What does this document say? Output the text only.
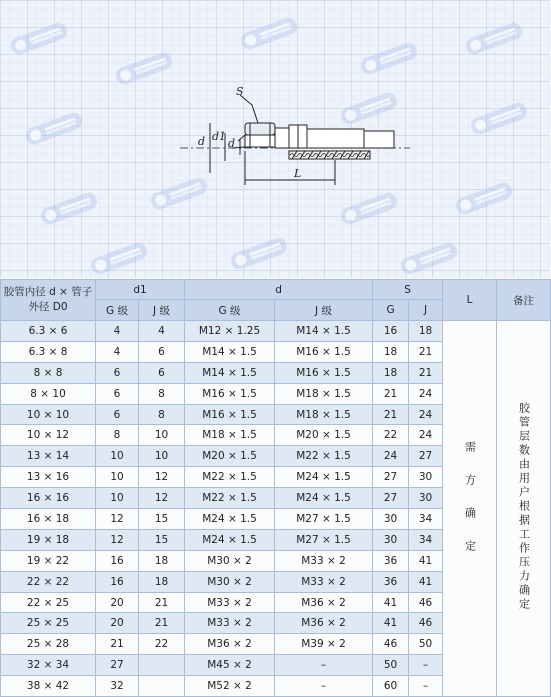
S
d d1
d
L
胶管内径 d × 管子外径 D0	d1		d		S		L	备注
	G 级	J 级	G 级	J 级	G	J		
6.3 × 6	4	4	M12 × 1.25	M14 × 1.5	16	18	需方确定	胶管层数由用户根据工作压力确定
6.3 × 8	4	6	M14 × 1.5	M16 × 1.5	18	21		
8 × 8	6	6	M14 × 1.5	M16 × 1.5	18	21		
8 × 10	6	8	M16 × 1.5	M18 × 1.5	21	24		
10 × 10	6	8	M16 × 1.5	M18 × 1.5	21	24		
10 × 12	8	10	M18 × 1.5	M20 × 1.5	22	24		
13 × 14	10	10	M20 × 1.5	M22 × 1.5	24	27		
13 × 16	10	12	M22 × 1.5	M24 × 1.5	27	30		
16 × 16	10	12	M22 × 1.5	M24 × 1.5	27	30		
16 × 18	12	15	M24 × 1.5	M27 × 1.5	30	34		
19 × 18	12	15	M24 × 1.5	M27 × 1.5	30	34		
19 × 22	16	18	M30 × 2	M33 × 2	36	41		
22 × 22	16	18	M30 × 2	M33 × 2	36	41		
22 × 25	20	21	M33 × 2	M36 × 2	41	46		
25 × 25	20	21	M33 × 2	M36 × 2	41	46		
25 × 28	21	22	M36 × 2	M39 × 2	46	50		
32 × 34	27		M45 × 2	–	50	–		
38 × 42	32		M52 × 2	–	60	–		
